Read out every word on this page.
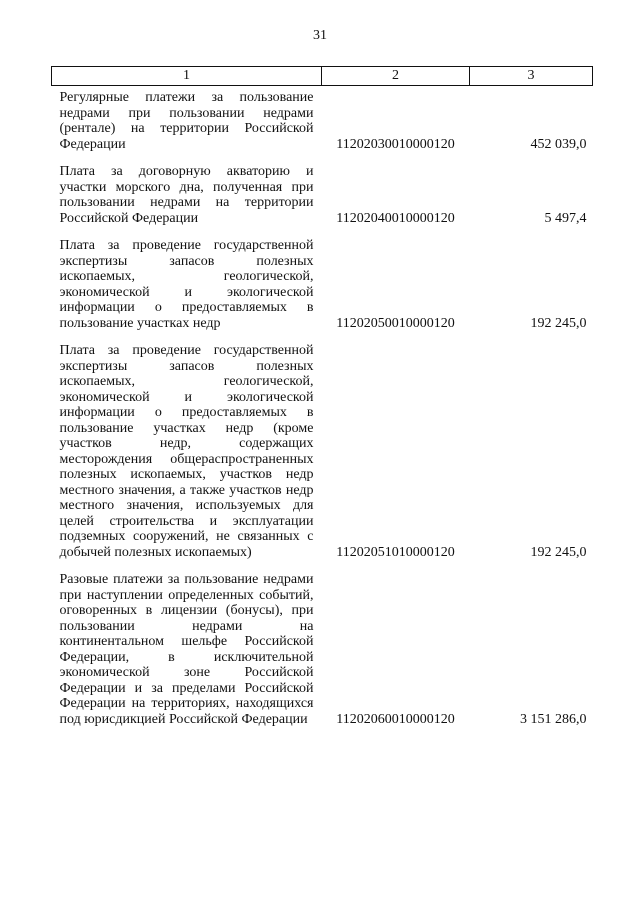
31
1	2	3
Регулярные платежи за пользование недрами при пользовании недрами (рентале) на территории Российской Федерации	11202030010000120	452 039,0

Плата за договорную акваторию и участки морского дна, полученная при пользовании недрами на территории Российской Федерации	11202040010000120	5 497,4

Плата за проведение государственной экспертизы запасов полезных ископаемых, геологической, экономической и экологической информации о предоставляемых в пользование участках недр	11202050010000120	192 245,0

Плата за проведение государственной экспертизы запасов полезных ископаемых, геологической, экономической и экологической информации о предоставляемых в пользование участках недр (кроме участков недр, содержащих месторождения общераспространенных полезных ископаемых, участков недр местного значения, а также участков недр местного значения, используемых для целей строительства и эксплуатации подземных сооружений, не связанных с добычей полезных ископаемых)	11202051010000120	192 245,0

Разовые платежи за пользование недрами при наступлении определенных событий, оговоренных в лицензии (бонусы), при пользовании недрами на континентальном шельфе Российской Федерации, в исключительной экономической зоне Российской Федерации и за пределами Российской Федерации на территориях, находящихся под юрисдикцией Российской Федерации	11202060010000120	3 151 286,0
